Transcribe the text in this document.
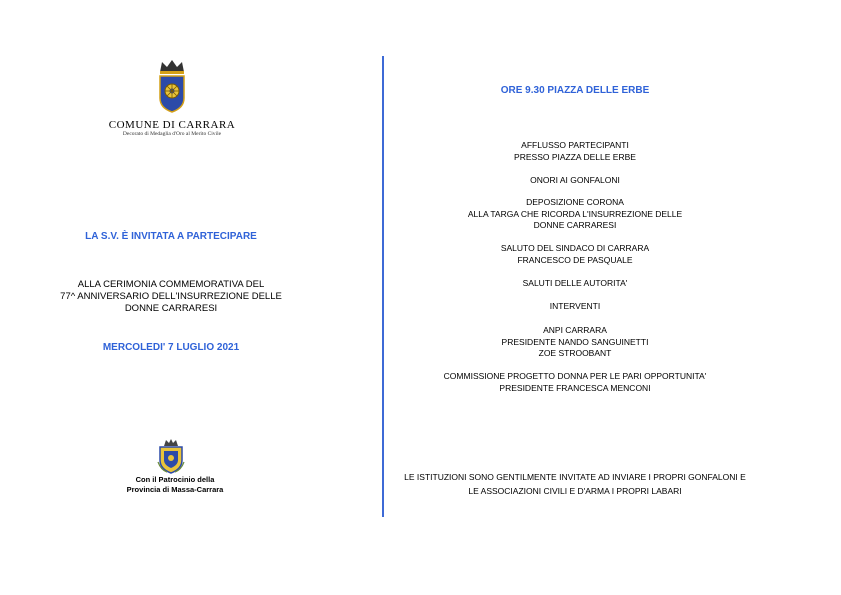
COMUNE DI CARRARA
Decorato di Medaglia d'Oro al Merito Civile
LA S.V. È INVITATA A PARTECIPARE
ALLA CERIMONIA COMMEMORATIVA DEL
77^ ANNIVERSARIO DELL'INSURREZIONE DELLE
DONNE CARRARESI
MERCOLEDI' 7 LUGLIO 2021
Con il Patrocinio della
Provincia di Massa-Carrara
ORE 9.30 PIAZZA DELLE ERBE
AFFLUSSO PARTECIPANTI
PRESSO PIAZZA DELLE ERBE
ONORI AI GONFALONI
DEPOSIZIONE CORONA
ALLA TARGA CHE RICORDA L'INSURREZIONE DELLE
DONNE CARRARESI
SALUTO DEL SINDACO DI CARRARA
FRANCESCO DE PASQUALE
SALUTI DELLE AUTORITA'
INTERVENTI
ANPI CARRARA
PRESIDENTE NANDO SANGUINETTI
ZOE STROOBANT
COMMISSIONE PROGETTO DONNA PER LE PARI OPPORTUNITA'
PRESIDENTE FRANCESCA MENCONI
LE ISTITUZIONI SONO GENTILMENTE INVITATE AD INVIARE I PROPRI GONFALONI E
LE ASSOCIAZIONI CIVILI E D'ARMA I PROPRI LABARI
